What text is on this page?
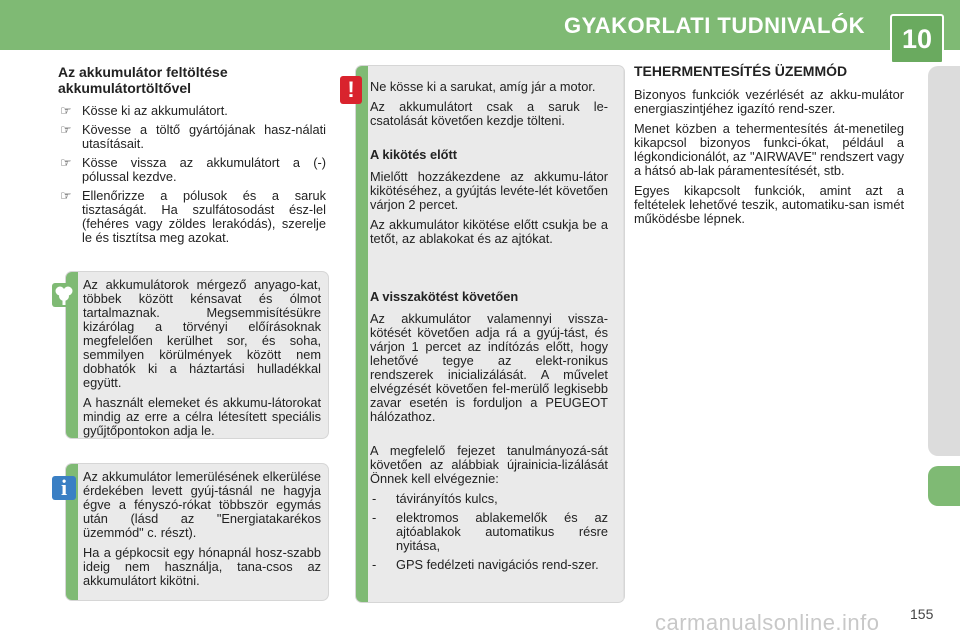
GYAKORLATI TUDNIVALÓK	10
Az akkumulátor feltöltése akkumulátortöltővel
☞ Kösse ki az akkumulátort.
☞ Kövesse a töltő gyártójának hasz-nálati utasításait.
☞ Kösse vissza az akkumulátort a (-) pólussal kezdve.
☞ Ellenőrizze a pólusok és a saruk tisztaságát. Ha szulfátosodást ész-lel (fehéres vagy zöldes lerakódás), szerelje le és tisztítsa meg azokat.

Az akkumulátorok mérgező anyago-kat, többek között kénsavat és ólmot tartalmaznak. Megsemmisítésükre kizárólag a törvényi előírásoknak megfelelően kerülhet sor, és soha, semmilyen körülmények között nem dobhatók ki a háztartási hulladékkal együtt.

A használt elemeket és akkumu-látorokat mindig az erre a célra létesített speciális gyűjtőpontokon adja le.

i	Az akkumulátor lemerülésének elkerülése érdekében levett gyúj-tásnál ne hagyja égve a fényszó-rókat többször egymás után (lásd az "Energiatakarékos üzemmód" c. részt).

Ha a gépkocsit egy hónapnál hosz-szabb ideig nem használja, tana-csos az akkumulátort kikötni.

!	Ne kösse ki a sarukat, amíg jár a motor.

Az akkumulátort csak a saruk le-csatolását követően kezdje tölteni.

A kikötés előtt

Mielőtt hozzákezdene az akkumu-látor kikötéséhez, a gyújtás levéte-lét követően várjon 2 percet.

Az akkumulátor kikötése előtt csukja be a tetőt, az ablakokat és az ajtókat.

A visszakötést követően

Az akkumulátor valamennyi vissza-kötését követően adja rá a gyúj-tást, és várjon 1 percet az indítózás előtt, hogy lehetővé tegye az elekt-ronikus rendszerek inicializálását. A művelet elvégzését követően fel-merülő legkisebb zavar esetén is forduljon a PEUGEOT hálózathoz.

A megfelelő fejezet tanulmányozá-sát követően az alábbiak újrainicia-lizálását Önnek kell elvégeznie:

- távirányítós kulcs,
- elektromos ablakemelők és az ajtóablakok automatikus résre nyitása,
- GPS fedélzeti navigációs rend-szer.
TEHERMENTESÍTÉS ÜZEMMÓD

Bizonyos funkciók vezérlését az akku-mulátor energiaszintjéhez igazító rend-szer.

Menet közben a tehermentesítés át-menetileg kikapcsol bizonyos funkci-ókat, például a légkondicionálót, az "AIRWAVE" rendszert vagy a hátsó ab-lak páramentesítését, stb.

Egyes kikapcsolt funkciók, amint azt a feltételek lehetővé teszik, automatiku-san ismét működésbe lépnek.

carmanualsonline.info 155
